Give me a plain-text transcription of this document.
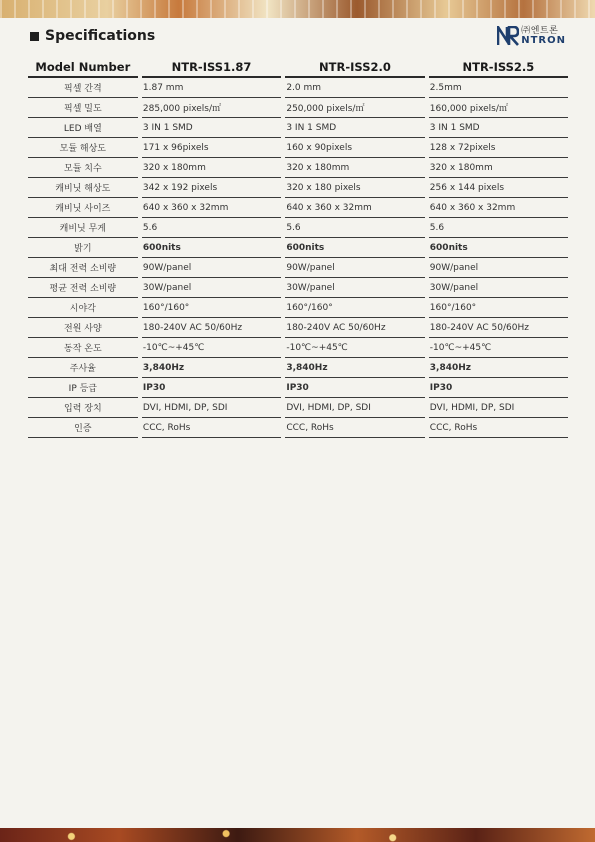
Specifications	㈜엔트론
NTRON
Model Number		NTR-ISS1.87		NTR-ISS2.0		NTR-ISS2.5
픽셀 간격		1.87 mm		2.0 mm		2.5mm
픽셀 밀도		285,000 pixels/㎡		250,000 pixels/㎡		160,000 pixels/㎡
LED 배열		3 IN 1 SMD		3 IN 1 SMD		3 IN 1 SMD
모듈 해상도		171 x 96pixels		160 x 90pixels		128 x 72pixels
모듈 치수		320 x 180mm		320 x 180mm		320 x 180mm
캐비닛 해상도		342 x 192 pixels		320 x 180 pixels		256 x 144 pixels
캐비닛 사이즈		640 x 360 x 32mm		640 x 360 x 32mm		640 x 360 x 32mm
캐비닛 무게		5.6		5.6		5.6
밝기		600nits		600nits		600nits
최대 전력 소비량		90W/panel		90W/panel		90W/panel
평균 전력 소비량		30W/panel		30W/panel		30W/panel
시야각		160°/160°		160°/160°		160°/160°
전원 사양		180-240V AC 50/60Hz		180-240V AC 50/60Hz		180-240V AC 50/60Hz
동작 온도		-10℃~+45℃		-10℃~+45℃		-10℃~+45℃
주사율		3,840Hz		3,840Hz		3,840Hz
IP 등급		IP30		IP30		IP30
입력 장치		DVI, HDMI, DP, SDI		DVI, HDMI, DP, SDI		DVI, HDMI, DP, SDI
인증		CCC, RoHs		CCC, RoHs		CCC, RoHs
